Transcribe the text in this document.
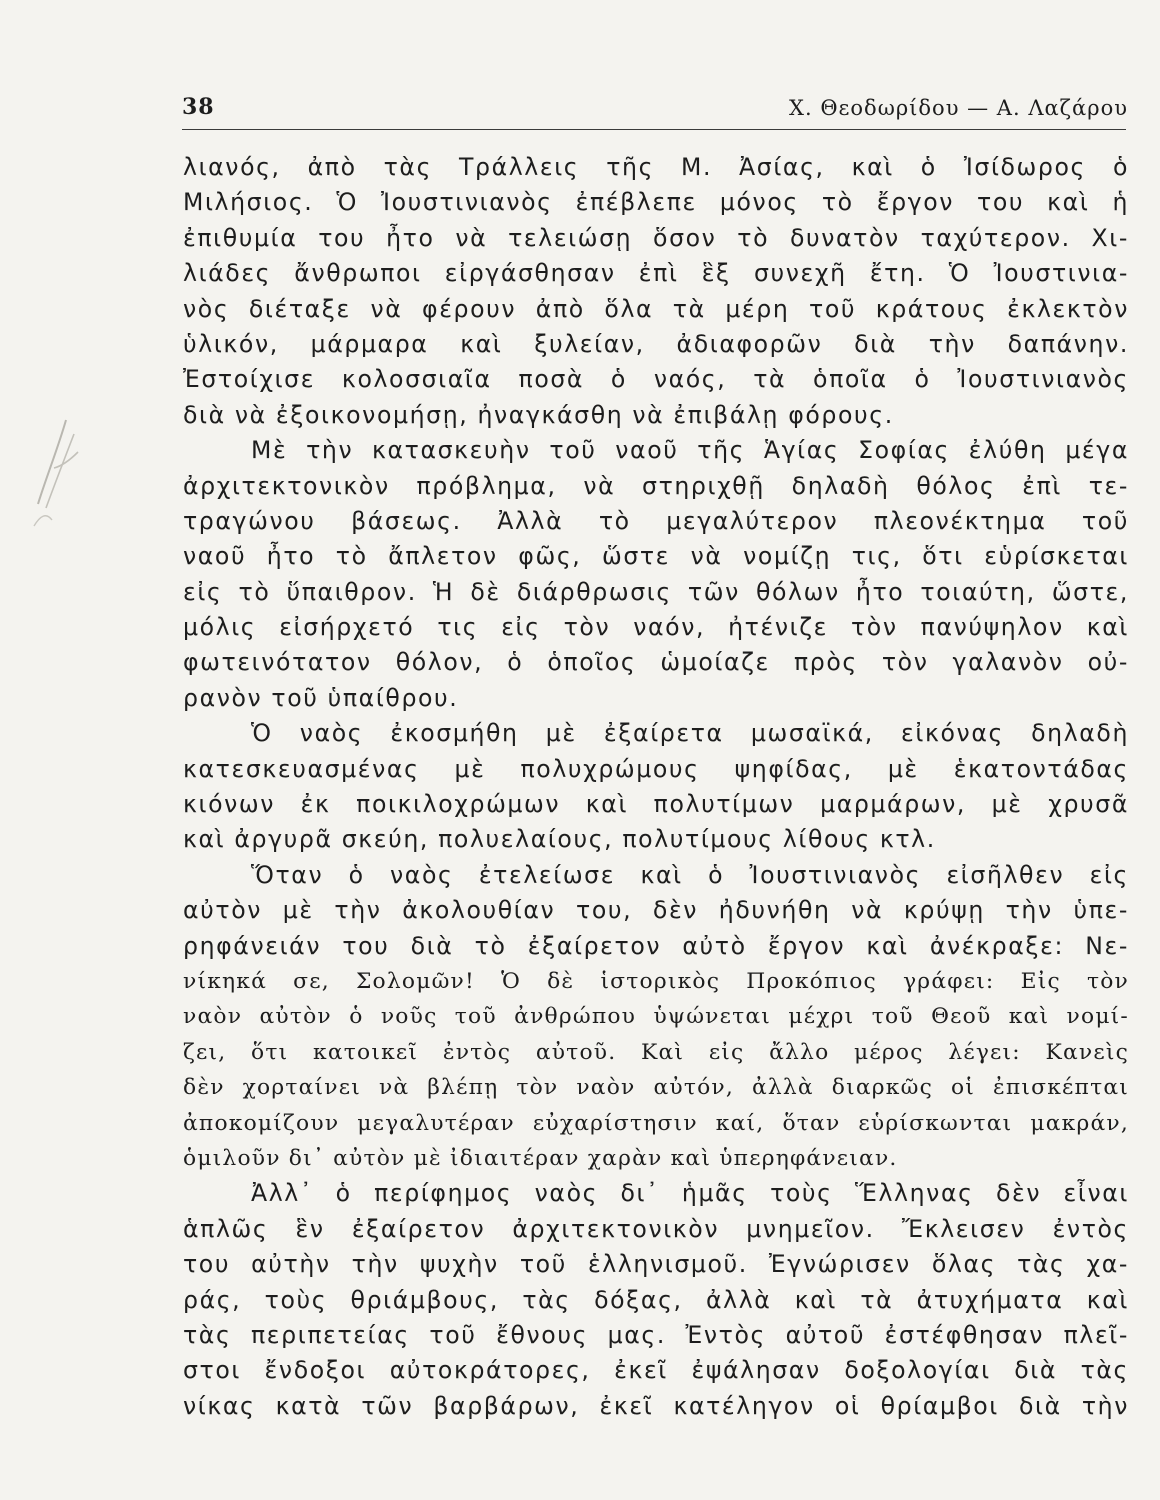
38	Χ. Θεοδωρίδου — Α. Λαζάρου
λιανός, ἀπὸ τὰς Τράλλεις τῆς Μ. Ἀσίας, καὶ ὁ Ἰσίδωρος ὁ
Μιλήσιος. Ὁ Ἰουστινιανὸς ἐπέβλεπε μόνος τὸ ἔργον του καὶ ἡ
ἐπιθυμία του ἦτο νὰ τελειώσῃ ὅσον τὸ δυνατὸν ταχύτερον. Χι-
λιάδες ἄνθρωποι εἰργάσθησαν ἐπὶ ἓξ συνεχῆ ἔτη. Ὁ Ἰουστινια-
νὸς διέταξε νὰ φέρουν ἀπὸ ὅλα τὰ μέρη τοῦ κράτους ἐκλεκτὸν
ὑλικόν, μάρμαρα καὶ ξυλείαν, ἀδιαφορῶν διὰ τὴν δαπάνην.
Ἐστοίχισε κολοσσιαῖα ποσὰ ὁ ναός, τὰ ὁποῖα ὁ Ἰουστινιανὸς
διὰ νὰ ἐξοικονομήσῃ, ἠναγκάσθη νὰ ἐπιβάλῃ φόρους.
Μὲ τὴν κατασκευὴν τοῦ ναοῦ τῆς Ἁγίας Σοφίας ἐλύθη μέγα
ἀρχιτεκτονικὸν πρόβλημα, νὰ στηριχθῇ δηλαδὴ θόλος ἐπὶ τε-
τραγώνου βάσεως. Ἀλλὰ τὸ μεγαλύτερον πλεονέκτημα τοῦ
ναοῦ ἦτο τὸ ἄπλετον φῶς, ὥστε νὰ νομίζῃ τις, ὅτι εὑρίσκεται
εἰς τὸ ὕπαιθρον. Ἡ δὲ διάρθρωσις τῶν θόλων ἦτο τοιαύτη, ὥστε,
μόλις εἰσήρχετό τις εἰς τὸν ναόν, ἠτένιζε τὸν πανύψηλον καὶ
φωτεινότατον θόλον, ὁ ὁποῖος ὡμοίαζε πρὸς τὸν γαλανὸν οὐ-
ρανὸν τοῦ ὑπαίθρου.
Ὁ ναὸς ἐκοσμήθη μὲ ἐξαίρετα μωσαϊκά, εἰκόνας δηλαδὴ
κατεσκευασμένας μὲ πολυχρώμους ψηφίδας, μὲ ἑκατοντάδας
κιόνων ἐκ ποικιλοχρώμων καὶ πολυτίμων μαρμάρων, μὲ χρυσᾶ
καὶ ἀργυρᾶ σκεύη, πολυελαίους, πολυτίμους λίθους κτλ.
Ὅταν ὁ ναὸς ἐτελείωσε καὶ ὁ Ἰουστινιανὸς εἰσῆλθεν εἰς
αὐτὸν μὲ τὴν ἀκολουθίαν του, δὲν ἠδυνήθη νὰ κρύψῃ τὴν ὑπε-
ρηφάνειάν του διὰ τὸ ἐξαίρετον αὐτὸ ἔργον καὶ ἀνέκραξε: Νε-
νίκηκά σε, Σολομῶν! Ὁ δὲ ἱστορικὸς Προκόπιος γράφει: Εἰς τὸν
ναὸν αὐτὸν ὁ νοῦς τοῦ ἀνθρώπου ὑψώνεται μέχρι τοῦ Θεοῦ καὶ νομί-
ζει, ὅτι κατοικεῖ ἐντὸς αὐτοῦ. Καὶ εἰς ἄλλο μέρος λέγει: Κανεὶς
δὲν χορταίνει νὰ βλέπῃ τὸν ναὸν αὐτόν, ἀλλὰ διαρκῶς οἱ ἐπισκέπται
ἀποκομίζουν μεγαλυτέραν εὐχαρίστησιν καί, ὅταν εὑρίσκωνται μακράν,
ὁμιλοῦν δι᾿ αὐτὸν μὲ ἰδιαιτέραν χαρὰν καὶ ὑπερηφάνειαν.
Ἀλλ᾿ ὁ περίφημος ναὸς δι᾿ ἡμᾶς τοὺς Ἕλληνας δὲν εἶναι
ἁπλῶς ἓν ἐξαίρετον ἀρχιτεκτονικὸν μνημεῖον. Ἔκλεισεν ἐντὸς
του αὐτὴν τὴν ψυχὴν τοῦ ἑλληνισμοῦ. Ἐγνώρισεν ὅλας τὰς χα-
ράς, τοὺς θριάμβους, τὰς δόξας, ἀλλὰ καὶ τὰ ἀτυχήματα καὶ
τὰς περιπετείας τοῦ ἔθνους μας. Ἐντὸς αὐτοῦ ἐστέφθησαν πλεῖ-
στοι ἔνδοξοι αὐτοκράτορες, ἐκεῖ ἐψάλησαν δοξολογίαι διὰ τὰς
νίκας κατὰ τῶν βαρβάρων, ἐκεῖ κατέληγον οἱ θρίαμβοι διὰ τὴν
